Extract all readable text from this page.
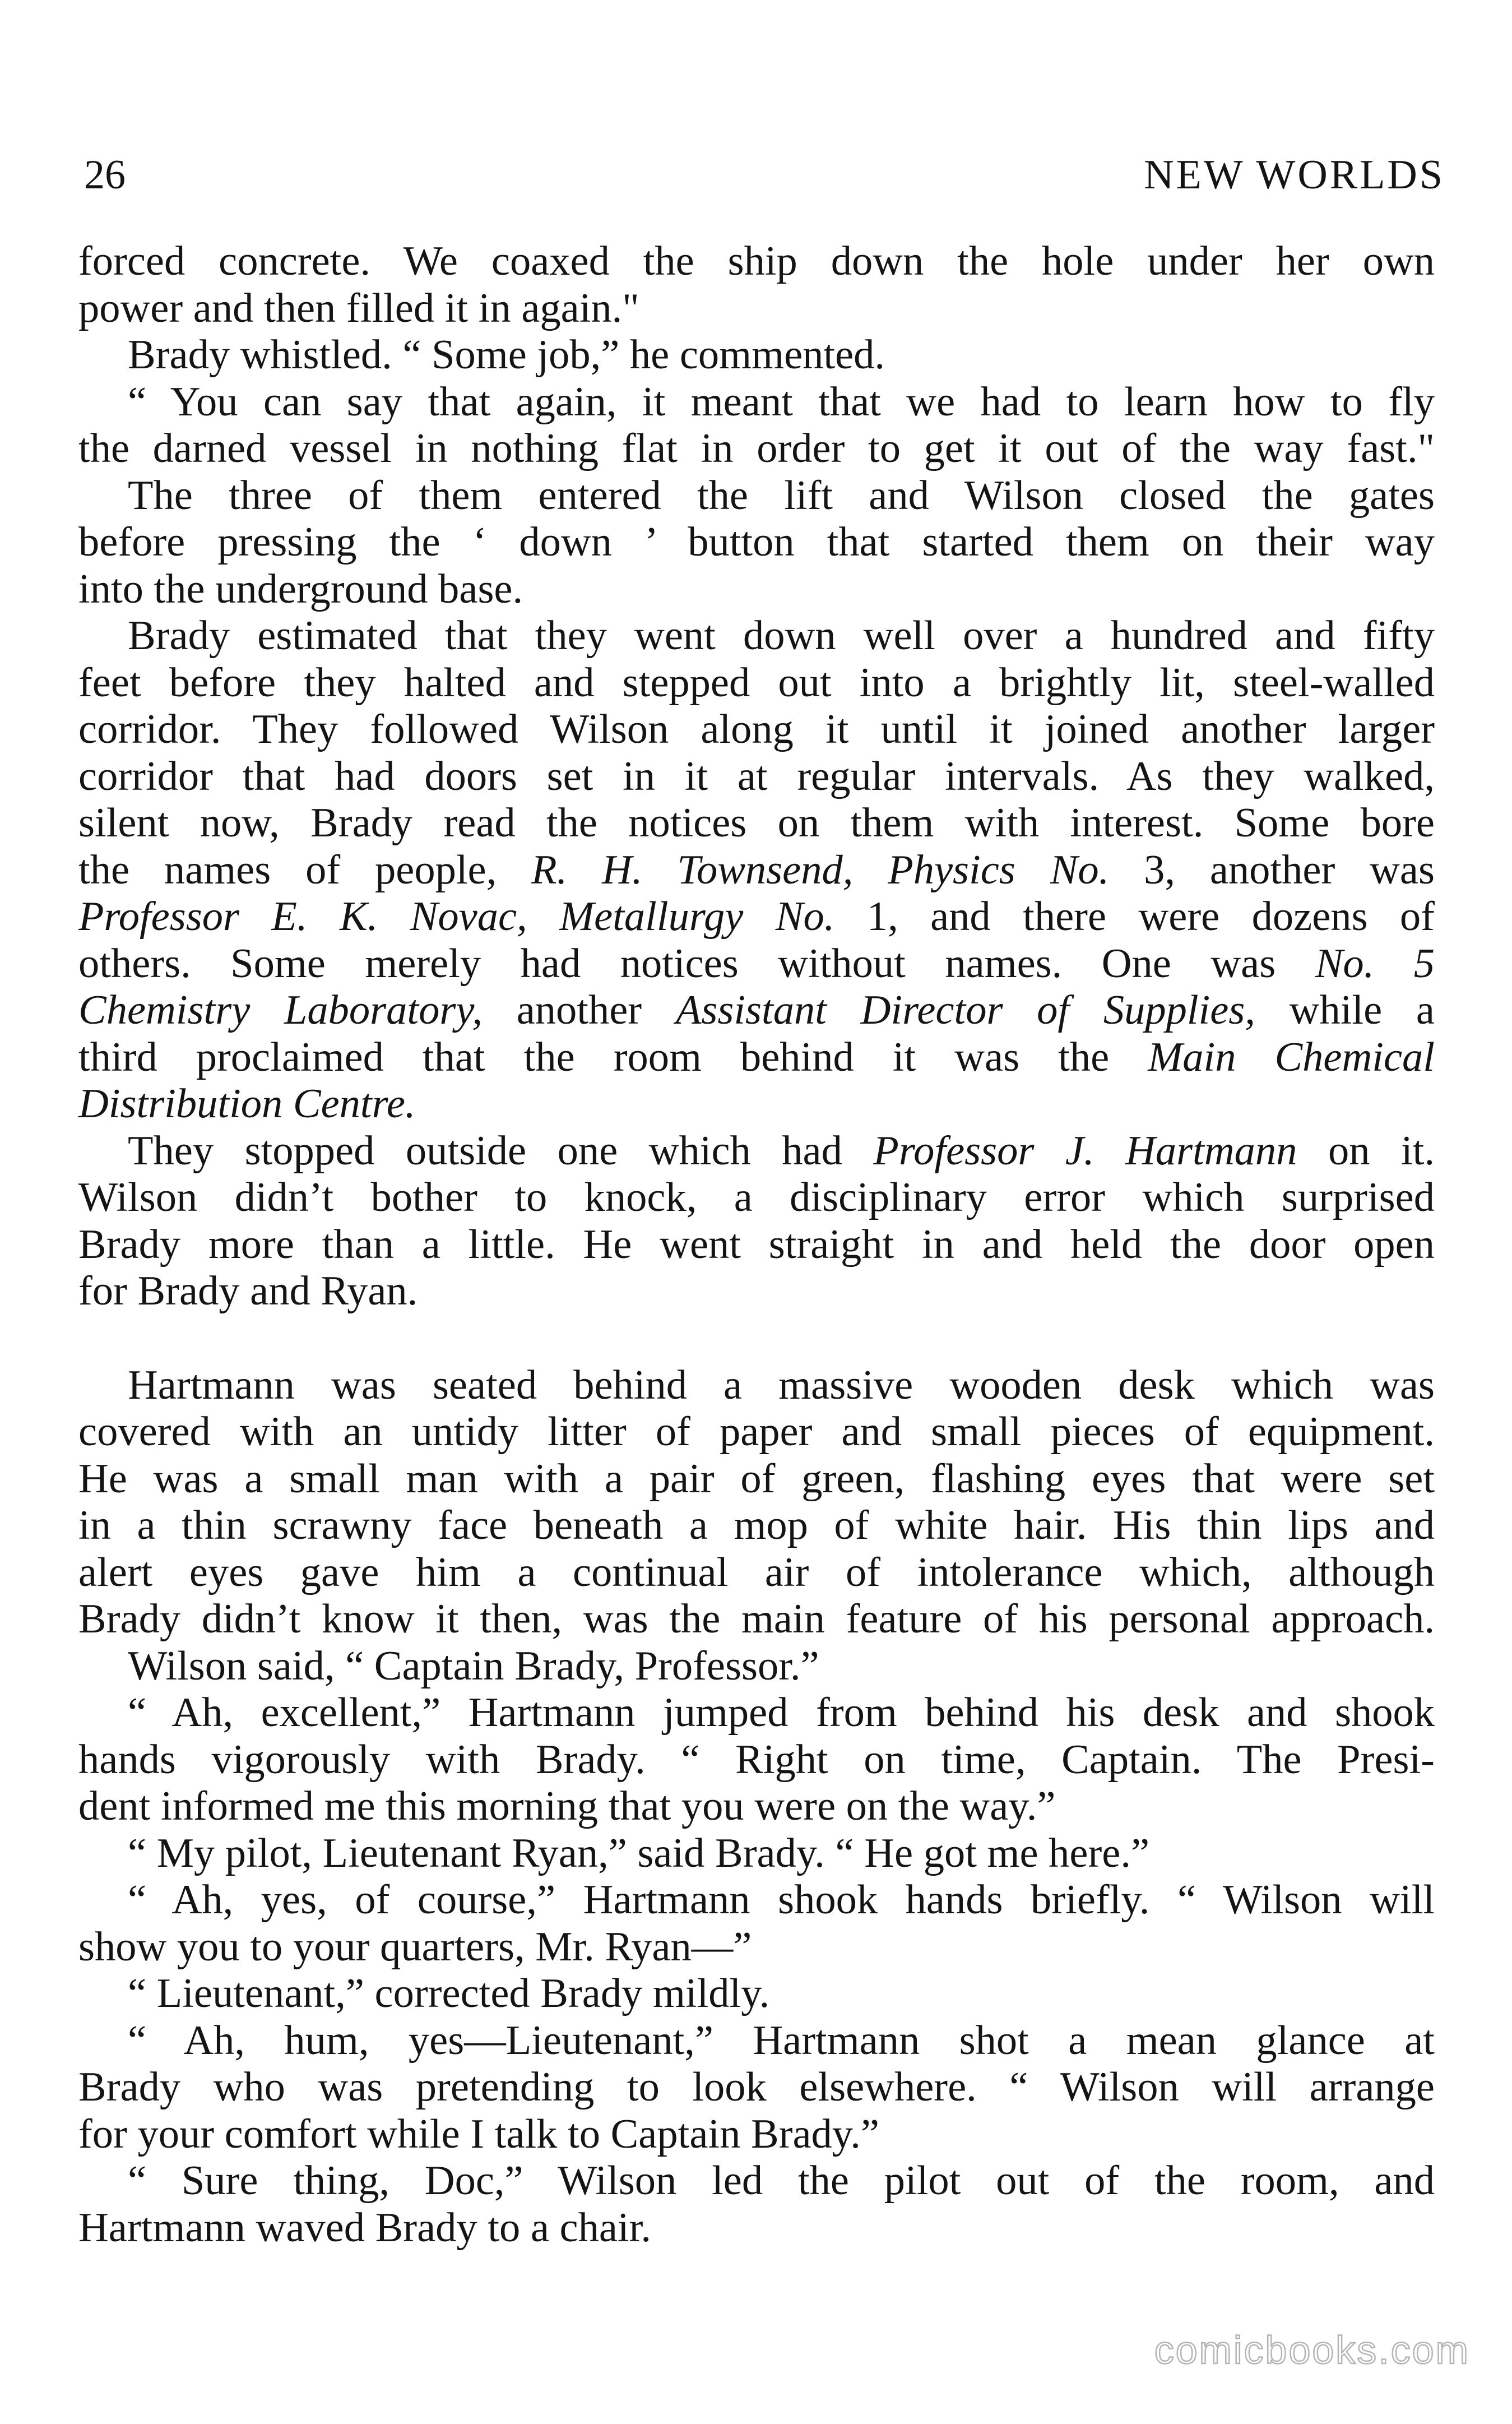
26	NEW WORLDS
forced concrete. We coaxed the ship down the hole under her own
power and then filled it in again."
Brady whistled. “ Some job,” he commented.
“ You can say that again, it meant that we had to learn how to fly
the darned vessel in nothing flat in order to get it out of the way fast."
The three of them entered the lift and Wilson closed the gates
before pressing the ‘ down ’ button that started them on their way
into the underground base.
Brady estimated that they went down well over a hundred and fifty
feet before they halted and stepped out into a brightly lit, steel-walled
corridor. They followed Wilson along it until it joined another larger
corridor that had doors set in it at regular intervals. As they walked,
silent now, Brady read the notices on them with interest. Some bore
the names of people, R. H. Townsend, Physics No. 3, another was
Professor E. K. Novac, Metallurgy No. 1, and there were dozens of
others. Some merely had notices without names. One was No. 5
Chemistry Laboratory, another Assistant Director of Supplies, while a
third proclaimed that the room behind it was the Main Chemical
Distribution Centre.
They stopped outside one which had Professor J. Hartmann on it.
Wilson didn’t bother to knock, a disciplinary error which surprised
Brady more than a little. He went straight in and held the door open
for Brady and Ryan.
Hartmann was seated behind a massive wooden desk which was
covered with an untidy litter of paper and small pieces of equipment.
He was a small man with a pair of green, flashing eyes that were set
in a thin scrawny face beneath a mop of white hair. His thin lips and
alert eyes gave him a continual air of intolerance which, although
Brady didn’t know it then, was the main feature of his personal approach.
Wilson said, “ Captain Brady, Professor.”
“ Ah, excellent,” Hartmann jumped from behind his desk and shook
hands vigorously with Brady. “ Right on time, Captain. The Presi-
dent informed me this morning that you were on the way.”
“ My pilot, Lieutenant Ryan,” said Brady. “ He got me here.”
“ Ah, yes, of course,” Hartmann shook hands briefly. “ Wilson will
show you to your quarters, Mr. Ryan—”
“ Lieutenant,” corrected Brady mildly.
“ Ah, hum, yes—Lieutenant,” Hartmann shot a mean glance at
Brady who was pretending to look elsewhere. “ Wilson will arrange
for your comfort while I talk to Captain Brady.”
“ Sure thing, Doc,” Wilson led the pilot out of the room, and
Hartmann waved Brady to a chair.
comicbooks.com
